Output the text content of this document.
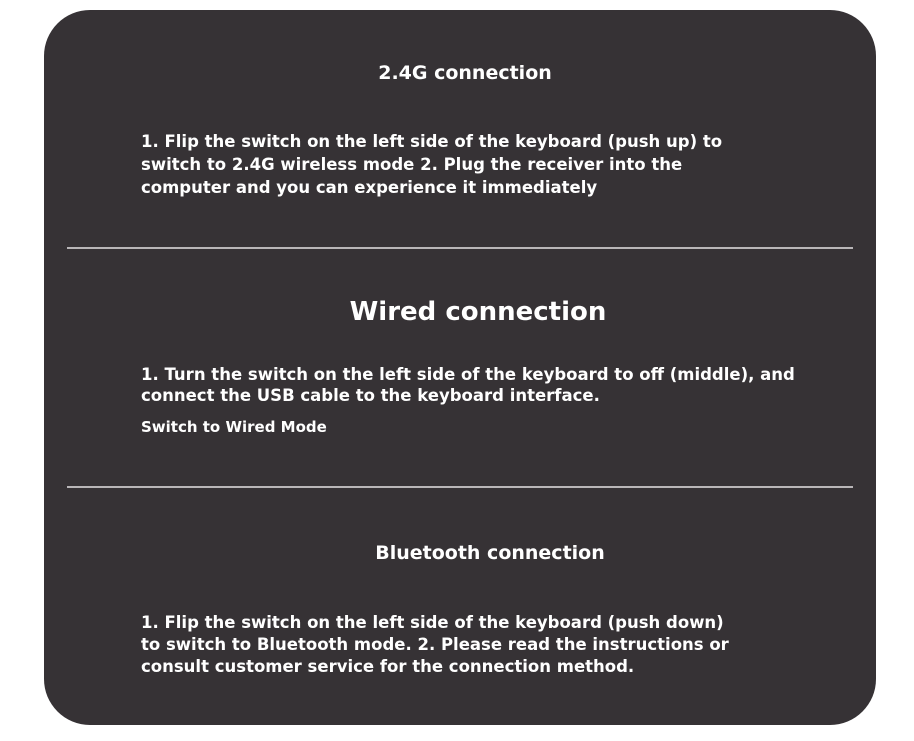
2.4G connection
1. Flip the switch on the left side of the keyboard (push up) to switch to 2.4G wireless mode 2. Plug the receiver into the computer and you can experience it immediately
Wired connection
1. Turn the switch on the left side of the keyboard to off (middle), and connect the USB cable to the keyboard interface.
Switch to Wired Mode
Bluetooth connection
1. Flip the switch on the left side of the keyboard (push down) to switch to Bluetooth mode. 2. Please read the instructions or consult customer service for the connection method.
